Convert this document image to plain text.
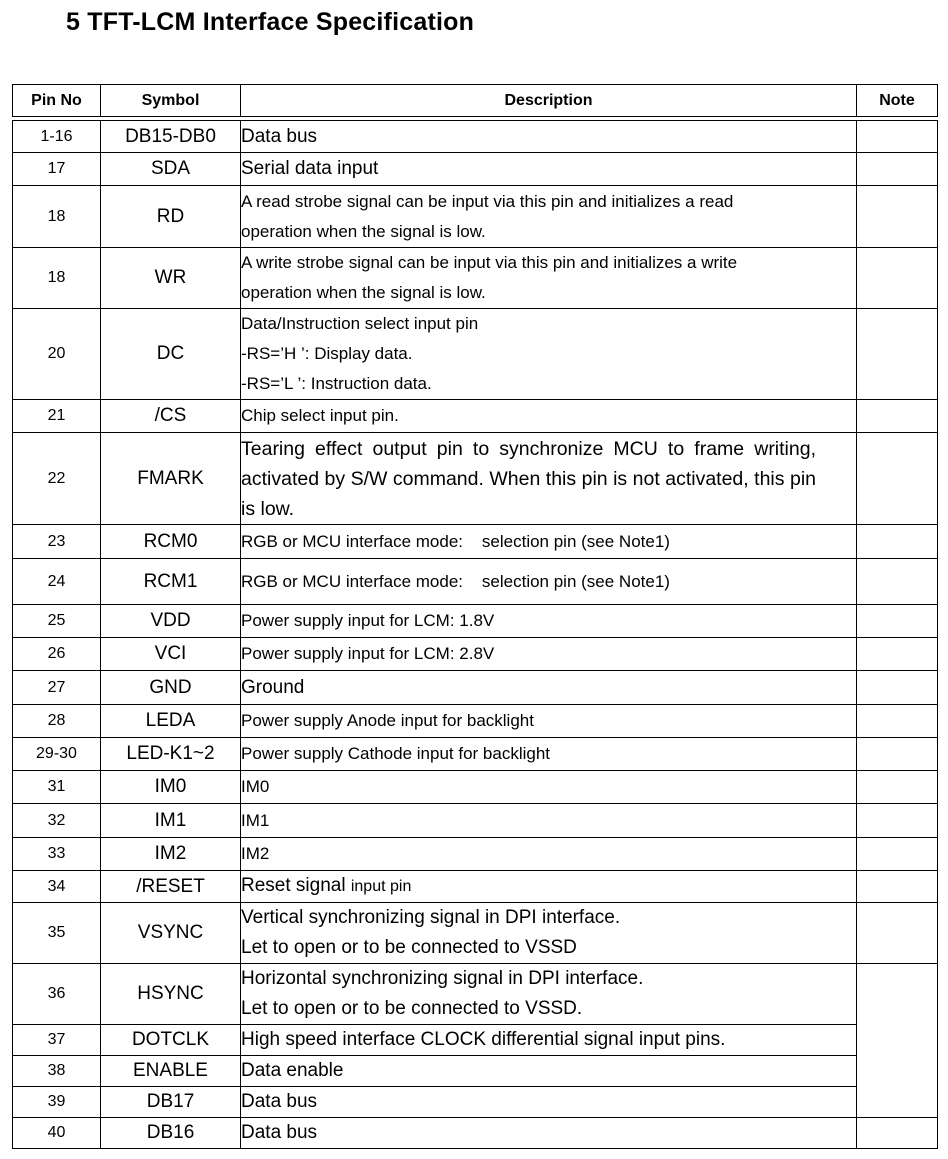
5 TFT-LCM Interface Specification
Pin No	Symbol	Description	Note

1-16	DB15-DB0	Data bus	

17	SDA	Serial data input	

18	RD	A read strobe signal can be input via this pin and initializes a read
operation when the signal is low.	

18	WR	A write strobe signal can be input via this pin and initializes a write
operation when the signal is low.	

20	DC	Data/Instruction select input pin
-RS=’H ’: Display data.
-RS=’L ’: Instruction data.	

21	/CS	Chip select input pin.	

22	FMARK	Tearing effect output pin to synchronize MCU to frame writing, activated by S/W command. When this pin is not activated, this pin is low.	
23	RCM0	RGB or MCU interface mode:    selection pin (see Note1)	

24	RCM1	RGB or MCU interface mode:    selection pin (see Note1)	

25	VDD	Power supply input for LCM: 1.8V	

26	VCI	Power supply input for LCM: 2.8V	

27	GND	Ground	

28	LEDA	Power supply Anode input for backlight	

29-30	LED-K1~2	Power supply Cathode input for backlight	

31	IM0	IM0	

32	IM1	IM1	

33	IM2	IM2	

34	/RESET	Reset signal input pin	

35	VSYNC	Vertical synchronizing signal in DPI interface.
Let to open or to be connected to VSSD	

36	HSYNC	Horizontal synchronizing signal in DPI interface.
Let to open or to be connected to VSSD.	

37	DOTCLK	High speed interface CLOCK differential signal input pins.	

38	ENABLE	Data enable	

39	DB17	Data bus	

40	DB16	Data bus	
